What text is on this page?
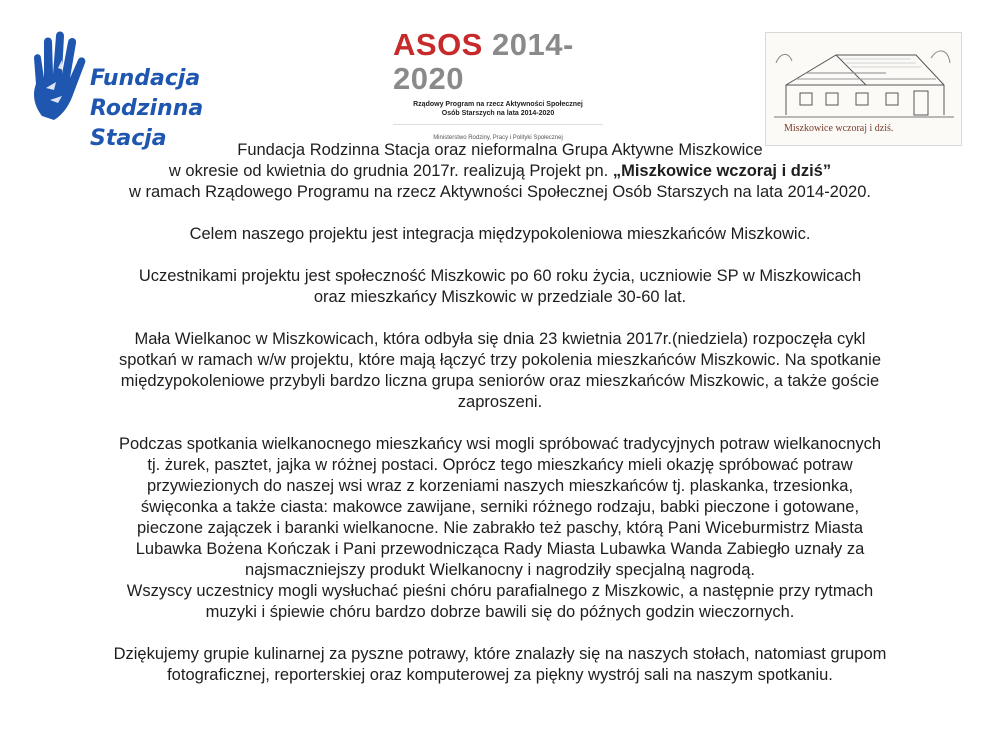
Fundacja

Rodzinna Stacja
ASOS 2014-2020
Rządowy Program na rzecz Aktywności Społecznej
Osób Starszych na lata 2014-2020
Ministerstwo Rodziny, Pracy i Polityki Społecznej
Miszkowice wczoraj i dziś.

Fundacja Rodzinna Stacja oraz nieformalna Grupa Aktywne Miszkowice

w okresie od kwietnia do grudnia 2017r. realizują Projekt pn. „Miszkowice wczoraj i dziś”

w ramach Rządowego Programu na rzecz Aktywności Społecznej Osób Starszych na lata 2014-2020.

Celem naszego projektu jest integracja międzypokoleniowa mieszkańców Miszkowic.

Uczestnikami projektu jest społeczność Miszkowic po 60 roku życia, uczniowie SP w Miszkowicach

oraz mieszkańcy Miszkowic w przedziale 30-60 lat.

Mała Wielkanoc w Miszkowicach, która odbyła się dnia 23 kwietnia 2017r.(niedziela) rozpoczęła cykl

spotkań w ramach w/w projektu, które mają łączyć trzy pokolenia mieszkańców Miszkowic. Na spotkanie

międzypokoleniowe przybyli bardzo liczna grupa seniorów oraz mieszkańców Miszkowic, a także goście

zaproszeni.

Podczas spotkania wielkanocnego mieszkańcy wsi mogli spróbować tradycyjnych potraw wielkanocnych

tj. żurek, pasztet, jajka w różnej postaci. Oprócz tego mieszkańcy mieli okazję spróbować potraw

przywiezionych do naszej wsi wraz z korzeniami naszych mieszkańców tj. plaskanka, trzesionka,

święconka a także ciasta: makowce zawijane, serniki różnego rodzaju, babki pieczone i gotowane,

pieczone zajączek i baranki wielkanocne. Nie zabrakło też paschy, którą Pani Wiceburmistrz Miasta

Lubawka Bożena Kończak i Pani przewodnicząca Rady Miasta Lubawka Wanda Zabiegło uznały za

najsmaczniejszy produkt Wielkanocny i nagrodziły specjalną nagrodą.

Wszyscy uczestnicy mogli wysłuchać pieśni chóru parafialnego z Miszkowic, a następnie przy rytmach

muzyki i śpiewie chóru bardzo dobrze bawili się do późnych godzin wieczornych.

Dziękujemy grupie kulinarnej za pyszne potrawy, które znalazły się na naszych stołach, natomiast grupom

fotograficznej, reporterskiej oraz komputerowej za piękny wystrój sali na naszym spotkaniu.
